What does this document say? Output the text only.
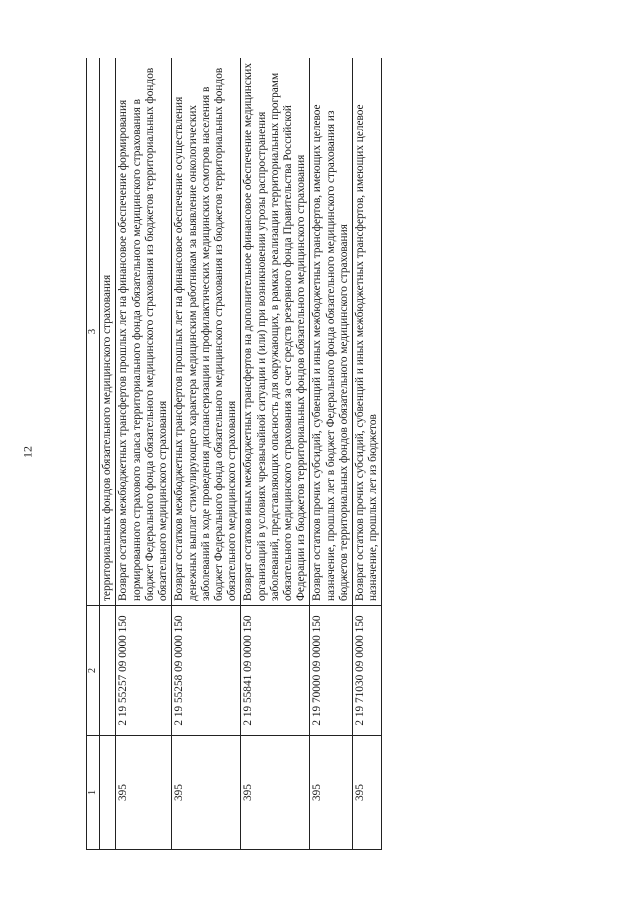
12
1	2	3
		территориальных фондов обязательного медицинского страхования
395	2 19 55257 09 0000 150	Возврат остатков межбюджетных трансфертов прошлых лет на финансовое обеспечение формирования нормированного страхового запаса территориального фонда обязательного медицинского страхования в бюджет Федерального фонда обязательного медицинского страхования из бюджетов территориальных фондов обязательного медицинского страхования
395	2 19 55258 09 0000 150	Возврат остатков межбюджетных трансфертов прошлых лет на финансовое обеспечение осуществления денежных выплат стимулирующего характера медицинским работникам за выявление онкологических заболеваний в ходе проведения диспансеризации и профилактических медицинских осмотров населения в бюджет Федерального фонда обязательного медицинского страхования из бюджетов территориальных фондов обязательного медицинского страхования
395	2 19 55841 09 0000 150	Возврат остатков иных межбюджетных трансфертов на дополнительное финансовое обеспечение медицинских организаций в условиях чрезвычайной ситуации и (или) при возникновении угрозы распространения заболеваний, представляющих опасность для окружающих, в рамках реализации территориальных программ обязательного медицинского страхования за счет средств резервного фонда Правительства Российской Федерации из бюджетов территориальных фондов обязательного медицинского страхования
395	2 19 70000 09 0000 150	Возврат остатков прочих субсидий, субвенций и иных межбюджетных трансфертов, имеющих целевое назначение, прошлых лет в бюджет Федерального фонда обязательного медицинского страхования из бюджетов территориальных фондов обязательного медицинского страхования
395	2 19 71030 09 0000 150	Возврат остатков прочих субсидий, субвенций и иных межбюджетных трансфертов, имеющих целевое назначение, прошлых лет из бюджетов
